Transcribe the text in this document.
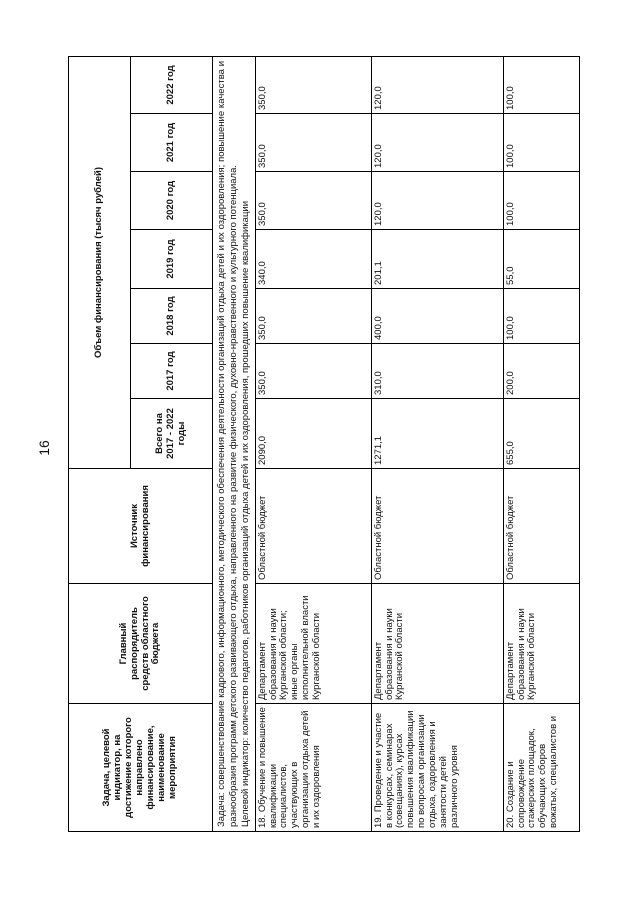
16
Задача, целевой индикатор, на достижение которого направлено финансирование, наименование мероприятия	Главный распорядитель средств областного бюджета	Источник финансирования	Объем финансирования (тысяч рублей)						
			Всего на 2017 - 2022 годы	2017 год	2018 год	2019 год	2020 год	2021 год	2022 год

Задача: совершенствование кадрового, информационного, методического обеспечения деятельности организаций отдыха детей и их оздоровления; повышение качества и разнообразия программ детского развивающего отдыха, направленного на развитие физического, духовно-нравственного и культурного потенциала. Целевой индикатор: количество педагогов, работников организаций отдыха детей и их оздоровления, прошедших повышение квалификации									

18. Обучение и повышение квалификации специалистов, участвующих в организации отдыха детей и их оздоровления	Департамент образования и науки Курганской области; иные органы исполнительной власти Курганской области	Областной бюджет	2090,0	350,0	350,0	340,0	350,0	350,0	350,0
19. Проведение и участие в конкурсах, семинарах (совещаниях), курсах повышения квалификации по вопросам организации отдыха, оздоровления и занятости детей различного уровня	Департамент образования и науки Курганской области	Областной бюджет	1271,1	310,0	400,0	201,1	120,0	120,0	120,0
20. Создание и сопровождение стажерских площадок, обучающих сборов вожатых, специалистов и	Департамент образования и науки Курганской области	Областной бюджет	655,0	200,0	100,0	55,0	100,0	100,0	100,0
